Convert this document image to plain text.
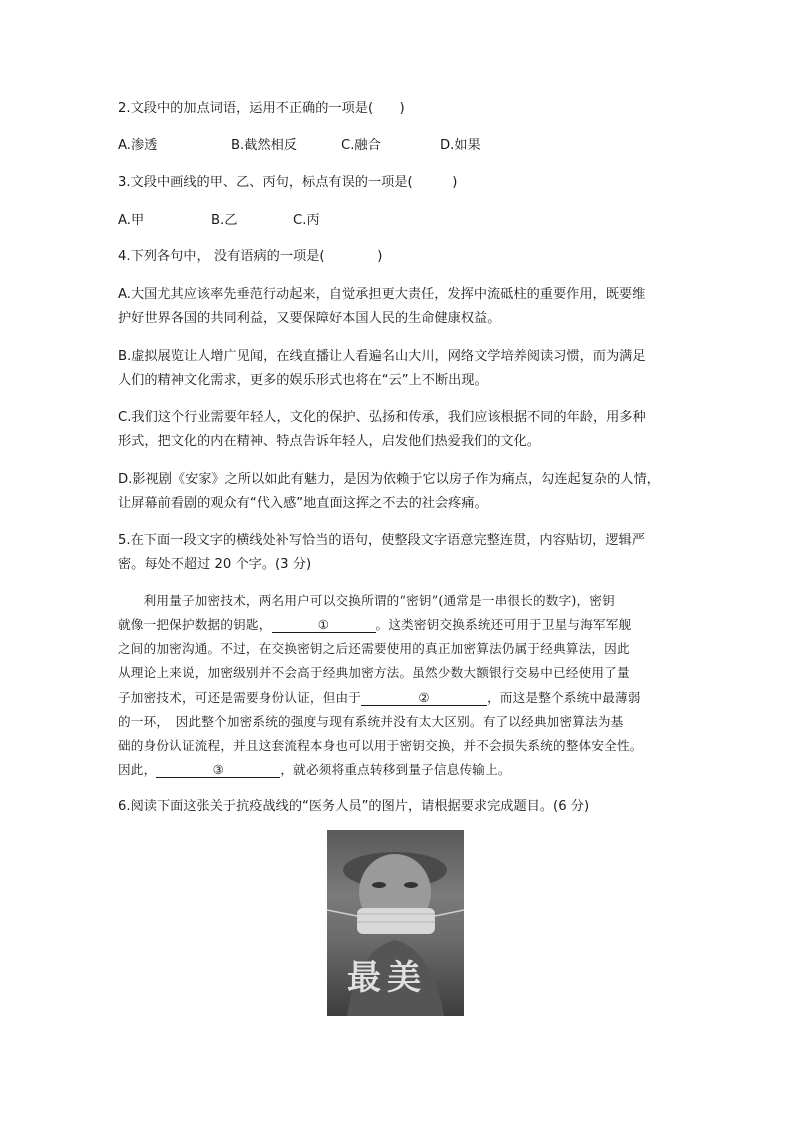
2.文段中的加点词语，运用不正确的一项是(　　)
A.渗透	B.截然相反	C.融合	D.如果
3.文段中画线的甲、乙、丙句，标点有误的一项是(　　　)
A.甲	B.乙	C.丙
4.下列各句中， 没有语病的一项是(　　　　)
A.大国尤其应该率先垂范行动起来，自觉承担更大责任，发挥中流砥柱的重要作用，既要维
护好世界各国的共同利益，又要保障好本国人民的生命健康权益。
B.虚拟展览让人增广见闻，在线直播让人看遍名山大川，网络文学培养阅读习惯，而为满足
人们的精神文化需求，更多的娱乐形式也将在“云”上不断出现。
C.我们这个行业需要年轻人，文化的保护、弘扬和传承，我们应该根据不同的年龄，用多种
形式，把文化的内在精神、特点告诉年轻人，启发他们热爱我们的文化。
D.影视剧《安家》之所以如此有魅力，是因为依赖于它以房子作为痛点，勾连起复杂的人情，
让屏幕前看剧的观众有“代入感”地直面这挥之不去的社会疼痛。
5.在下面一段文字的横线处补写恰当的语句，使整段文字语意完整连贯，内容贴切，逻辑严
密。每处不超过 20 个字。(3 分)
　　利用量子加密技术，两名用户可以交换所谓的“密钥”(通常是一串很长的数字)，密钥
就像一把保护数据的钥匙，	①	。这类密钥交换系统还可用于卫星与海军军舰
之间的加密沟通。不过，在交换密钥之后还需要使用的真正加密算法仍属于经典算法，因此
从理论上来说，加密级别并不会高于经典加密方法。虽然少数大额银行交易中已经使用了量
子加密技术，可还是需要身份认证，但由于	②	，而这是整个系统中最薄弱
的一环，　因此整个加密系统的强度与现有系统并没有太大区别。有了以经典加密算法为基
础的身份认证流程，并且这套流程本身也可以用于密钥交换，并不会损失系统的整体安全性。
因此，	③	，就必须将重点转移到量子信息传输上。
6.阅读下面这张关于抗疫战线的“医务人员”的图片，请根据要求完成题目。(6 分)
最美
